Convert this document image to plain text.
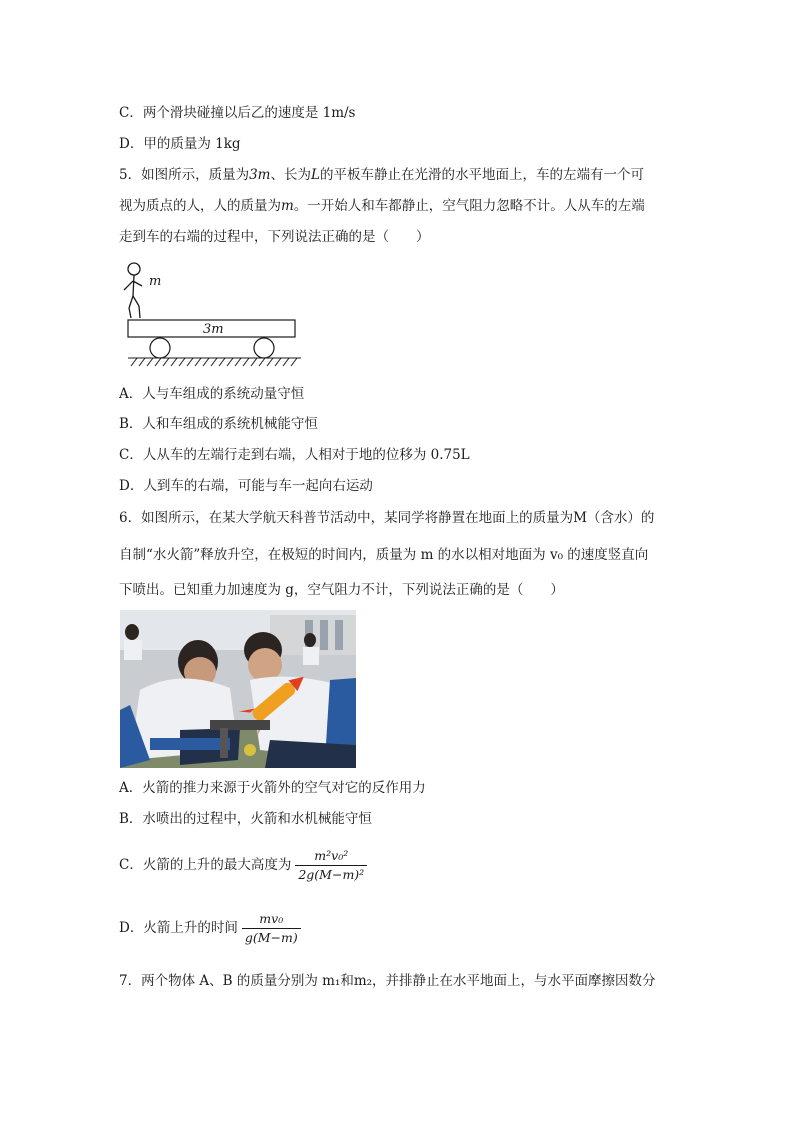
C．两个滑块碰撞以后乙的速度是 1m/s
D．甲的质量为 1kg
5．如图所示，质量为3m、长为L的平板车静止在光滑的水平地面上，车的左端有一个可
视为质点的人，人的质量为m。一开始人和车都静止，空气阻力忽略不计。人从车的左端
走到车的右端的过程中，下列说法正确的是（　　）
m
3m
A．人与车组成的系统动量守恒
B．人和车组成的系统机械能守恒
C．人从车的左端行走到右端，人相对于地的位移为 0.75L
D．人到车的右端，可能与车一起向右运动
6．如图所示，在某大学航天科普节活动中，某同学将静置在地面上的质量为M（含水）的
自制“水火箭”释放升空，在极短的时间内，质量为 m 的水以相对地面为 v₀ 的速度竖直向
下喷出。已知重力加速度为 g，空气阻力不计，下列说法正确的是（　　）
A．火箭的推力来源于火箭外的空气对它的反作用力
B．水喷出的过程中，火箭和水机械能守恒
C．火箭的上升的最大高度为 $\frac{\text{m²v₀²}}{\text{2g(M−m)²}}$
D．火箭上升的时间 $\frac{\text{mv₀}}{g(M-m)}$
7．两个物体 A、B 的质量分别为 m₁和m₂，并排静止在水平地面上，与水平面摩擦因数分
